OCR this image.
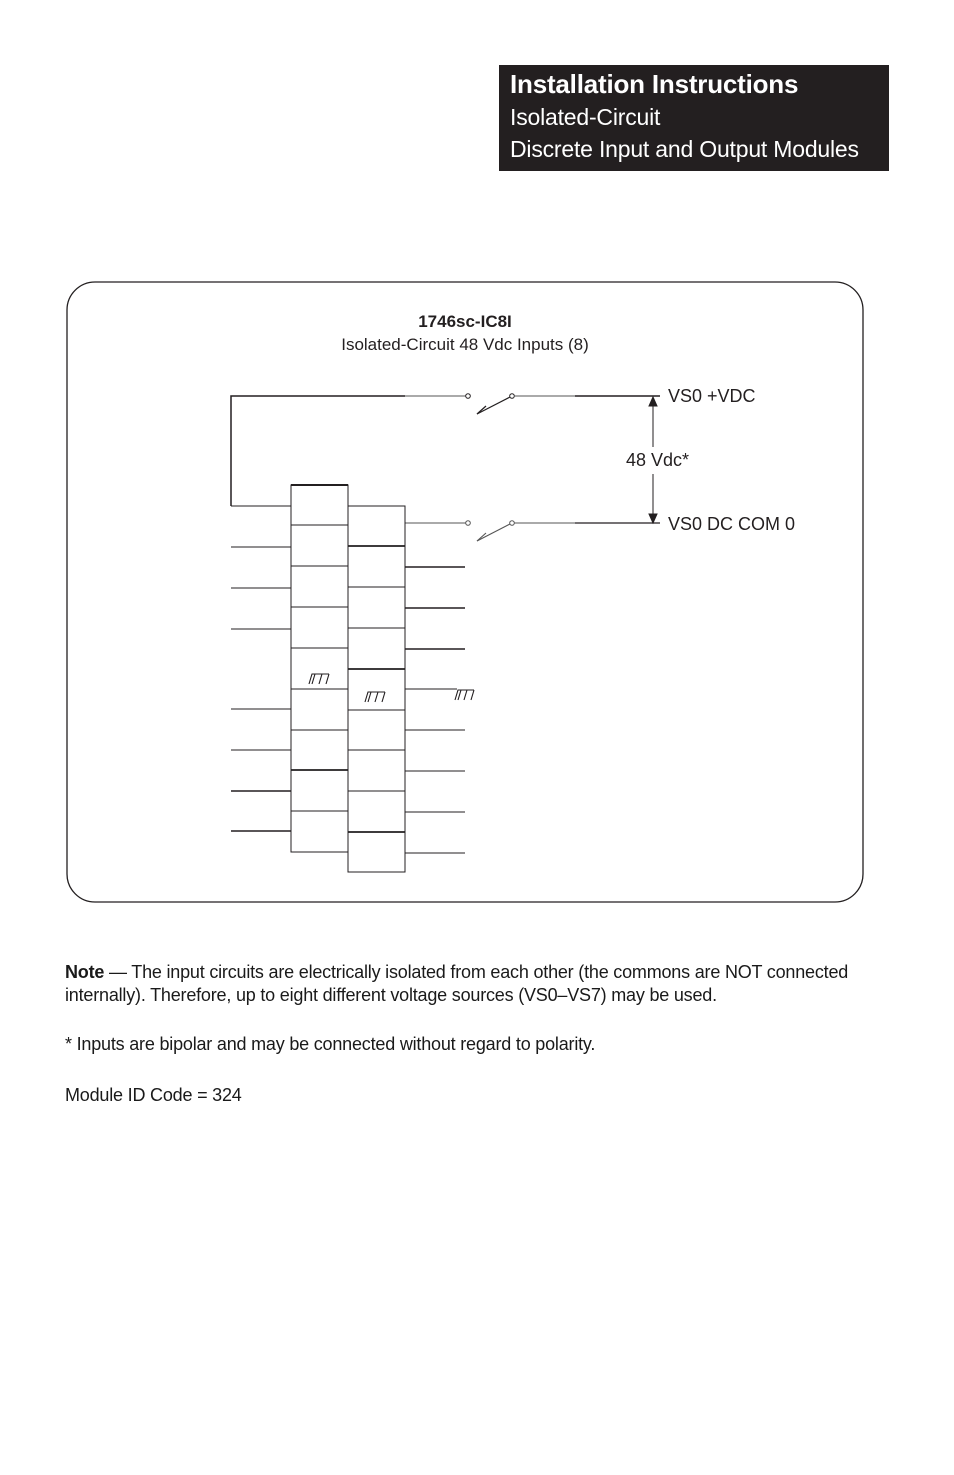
Installation Instructions
Isolated-Circuit
Discrete Input and Output Modules
1746sc-IC8I
Isolated-Circuit 48 Vdc Inputs (8)
VS0 +VDC
48 Vdc*
VS0 DC COM 0
Note — The input circuits are electrically isolated from each other (the commons are NOT connected internally). Therefore, up to eight different voltage sources (VS0–VS7) may be used.
* Inputs are bipolar and may be connected without regard to polarity.
Module ID Code = 324
